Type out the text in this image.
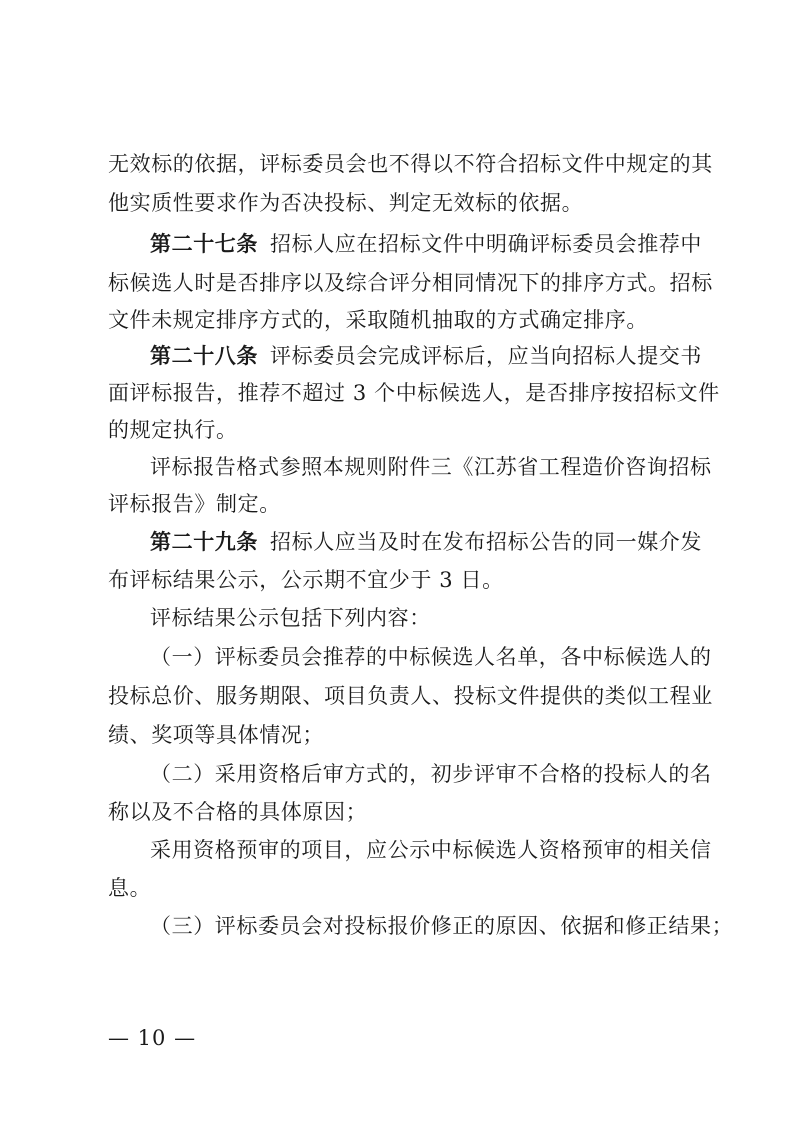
无效标的依据，评标委员会也不得以不符合招标文件中规定的其
他实质性要求作为否决投标、判定无效标的依据。
第二十七条 招标人应在招标文件中明确评标委员会推荐中
标候选人时是否排序以及综合评分相同情况下的排序方式。招标
文件未规定排序方式的，采取随机抽取的方式确定排序。
第二十八条 评标委员会完成评标后，应当向招标人提交书
面评标报告，推荐不超过 3 个中标候选人，是否排序按招标文件
的规定执行。
评标报告格式参照本规则附件三《江苏省工程造价咨询招标
评标报告》制定。
第二十九条 招标人应当及时在发布招标公告的同一媒介发
布评标结果公示，公示期不宜少于 3 日。
评标结果公示包括下列内容：
（一）评标委员会推荐的中标候选人名单，各中标候选人的
投标总价、服务期限、项目负责人、投标文件提供的类似工程业
绩、奖项等具体情况；
（二）采用资格后审方式的，初步评审不合格的投标人的名
称以及不合格的具体原因；
采用资格预审的项目，应公示中标候选人资格预审的相关信
息。
（三）评标委员会对投标报价修正的原因、依据和修正结果；
— 10 —
